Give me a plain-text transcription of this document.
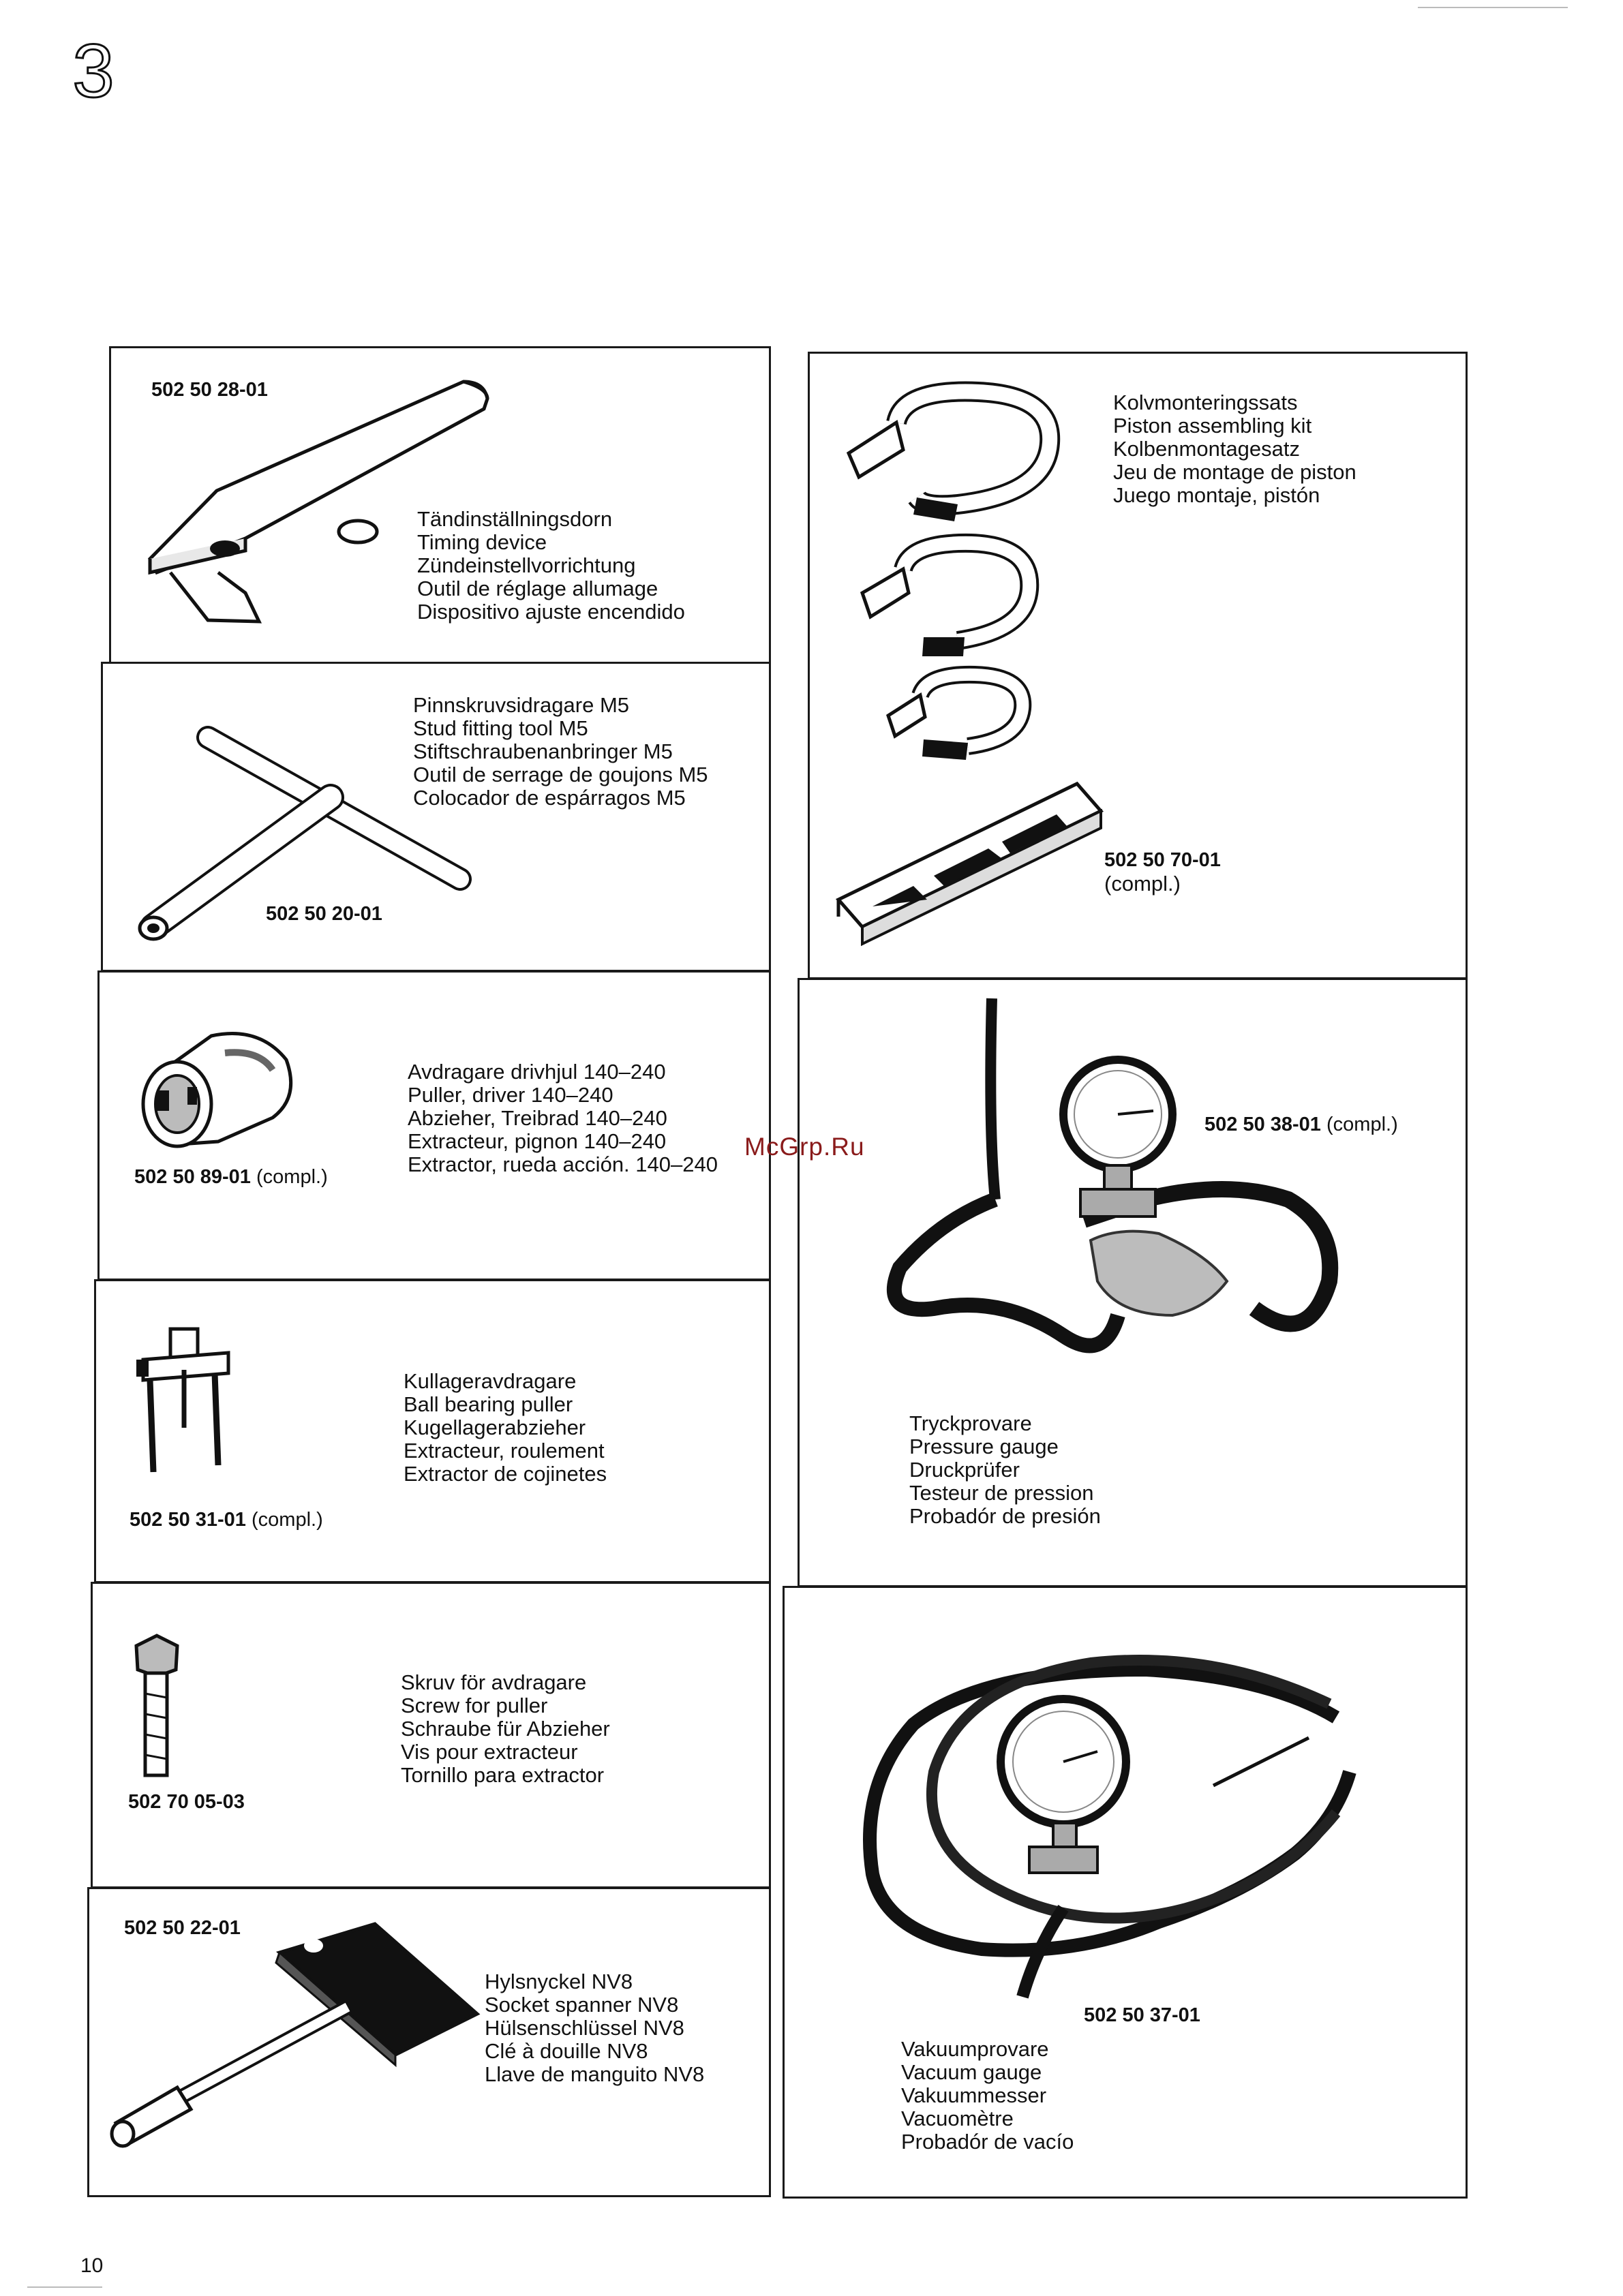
3
502 50 28-01
Tändinställningsdorn
Timing device
Zündeinstellvorrichtung
Outil de réglage allumage
Dispositivo ajuste encendido
502 50 20-01
Pinnskruvsidragare M5
Stud fitting tool M5
Stiftschraubenanbringer M5
Outil de serrage de goujons M5
Colocador de espárragos M5
502 50 89-01 (compl.)
Avdragare drivhjul 140–240
Puller, driver 140–240
Abzieher, Treibrad 140–240
Extracteur, pignon 140–240
Extractor, rueda acción. 140–240
502 50 31-01 (compl.)
Kullageravdragare
Ball bearing puller
Kugellagerabzieher
Extracteur, roulement
Extractor de cojinetes
502 70 05-03
Skruv för avdragare
Screw for puller
Schraube für Abzieher
Vis pour extracteur
Tornillo para extractor
502 50 22-01
Hylsnyckel NV8
Socket spanner NV8
Hülsenschlüssel NV8
Clé à douille NV8
Llave de manguito NV8
502 50 70-01
(compl.)
Kolvmonteringssats
Piston assembling kit
Kolbenmontagesatz
Jeu de montage de piston
Juego montaje, pistón
502 50 38-01 (compl.)
Tryckprovare
Pressure gauge
Druckprüfer
Testeur de pression
Probadór de presión
502 50 37-01
Vakuumprovare
Vacuum gauge
Vakuummesser
Vacuomètre
Probadór de vacío
McGrp.Ru
10
